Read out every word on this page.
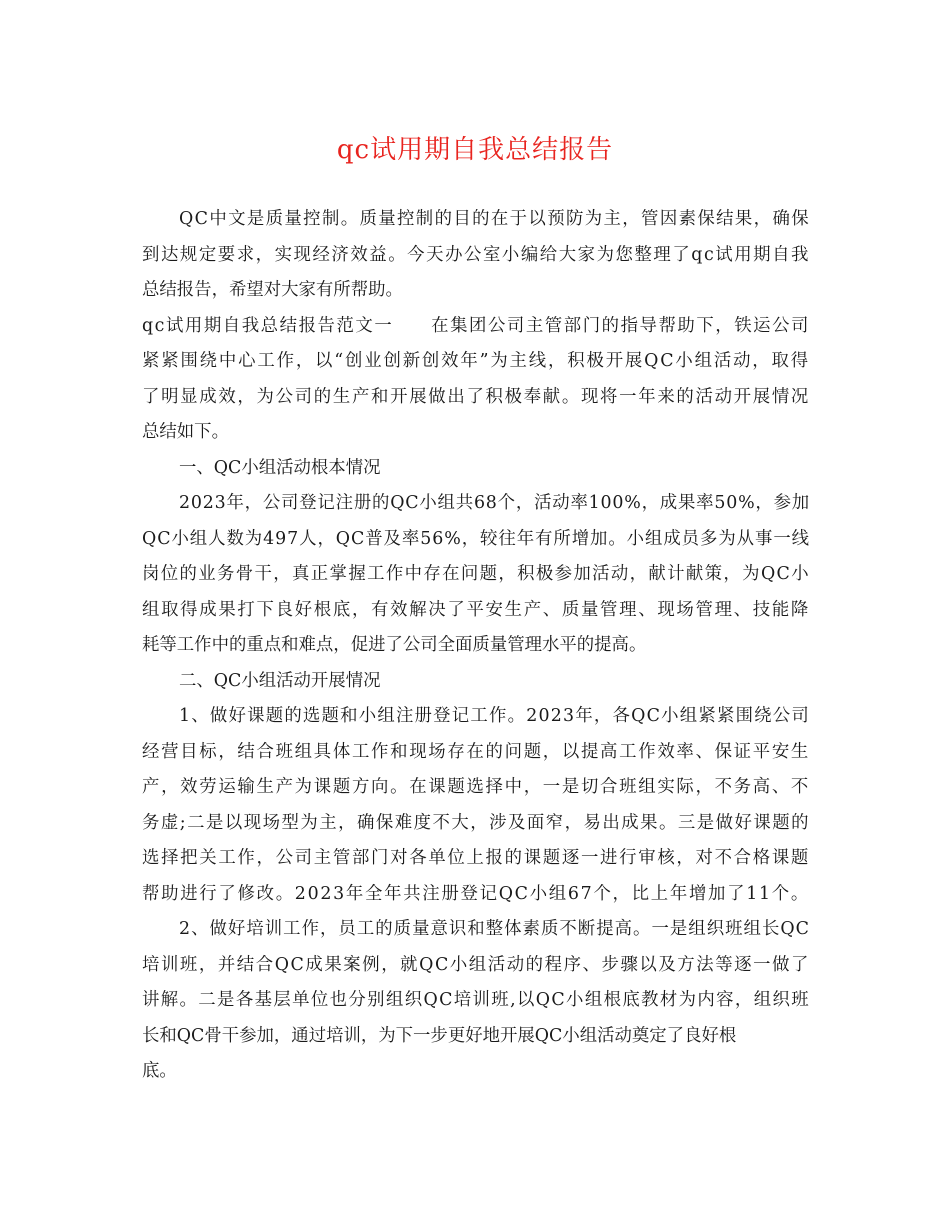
qc试用期自我总结报告
QC中文是质量控制。质量控制的目的在于以预防为主，管因素保结果，确保
到达规定要求，实现经济效益。今天办公室小编给大家为您整理了qc试用期自我
总结报告，希望对大家有所帮助。
qc试用期自我总结报告范文一　　在集团公司主管部门的指导帮助下，铁运公司
紧紧围绕中心工作，以“创业创新创效年”为主线，积极开展QC小组活动，取得
了明显成效，为公司的生产和开展做出了积极奉献。现将一年来的活动开展情况
总结如下。
一、QC小组活动根本情况
2023年，公司登记注册的QC小组共68个，活动率100%，成果率50%，参加
QC小组人数为497人，QC普及率56%，较往年有所增加。小组成员多为从事一线
岗位的业务骨干，真正掌握工作中存在问题，积极参加活动，献计献策，为QC小
组取得成果打下良好根底，有效解决了平安生产、质量管理、现场管理、技能降
耗等工作中的重点和难点，促进了公司全面质量管理水平的提高。
二、QC小组活动开展情况
1、做好课题的选题和小组注册登记工作。2023年，各QC小组紧紧围绕公司
经营目标，结合班组具体工作和现场存在的问题，以提高工作效率、保证平安生
产，效劳运输生产为课题方向。在课题选择中，一是切合班组实际，不务高、不
务虚;二是以现场型为主，确保难度不大，涉及面窄，易出成果。三是做好课题的
选择把关工作，公司主管部门对各单位上报的课题逐一进行审核，对不合格课题
帮助进行了修改。2023年全年共注册登记QC小组67个，比上年增加了11个。
2、做好培训工作，员工的质量意识和整体素质不断提高。一是组织班组长QC
培训班，并结合QC成果案例，就QC小组活动的程序、步骤以及方法等逐一做了
讲解。二是各基层单位也分别组织QC培训班,以QC小组根底教材为内容，组织班
长和QC骨干参加，通过培训，为下一步更好地开展QC小组活动奠定了良好根
底。
